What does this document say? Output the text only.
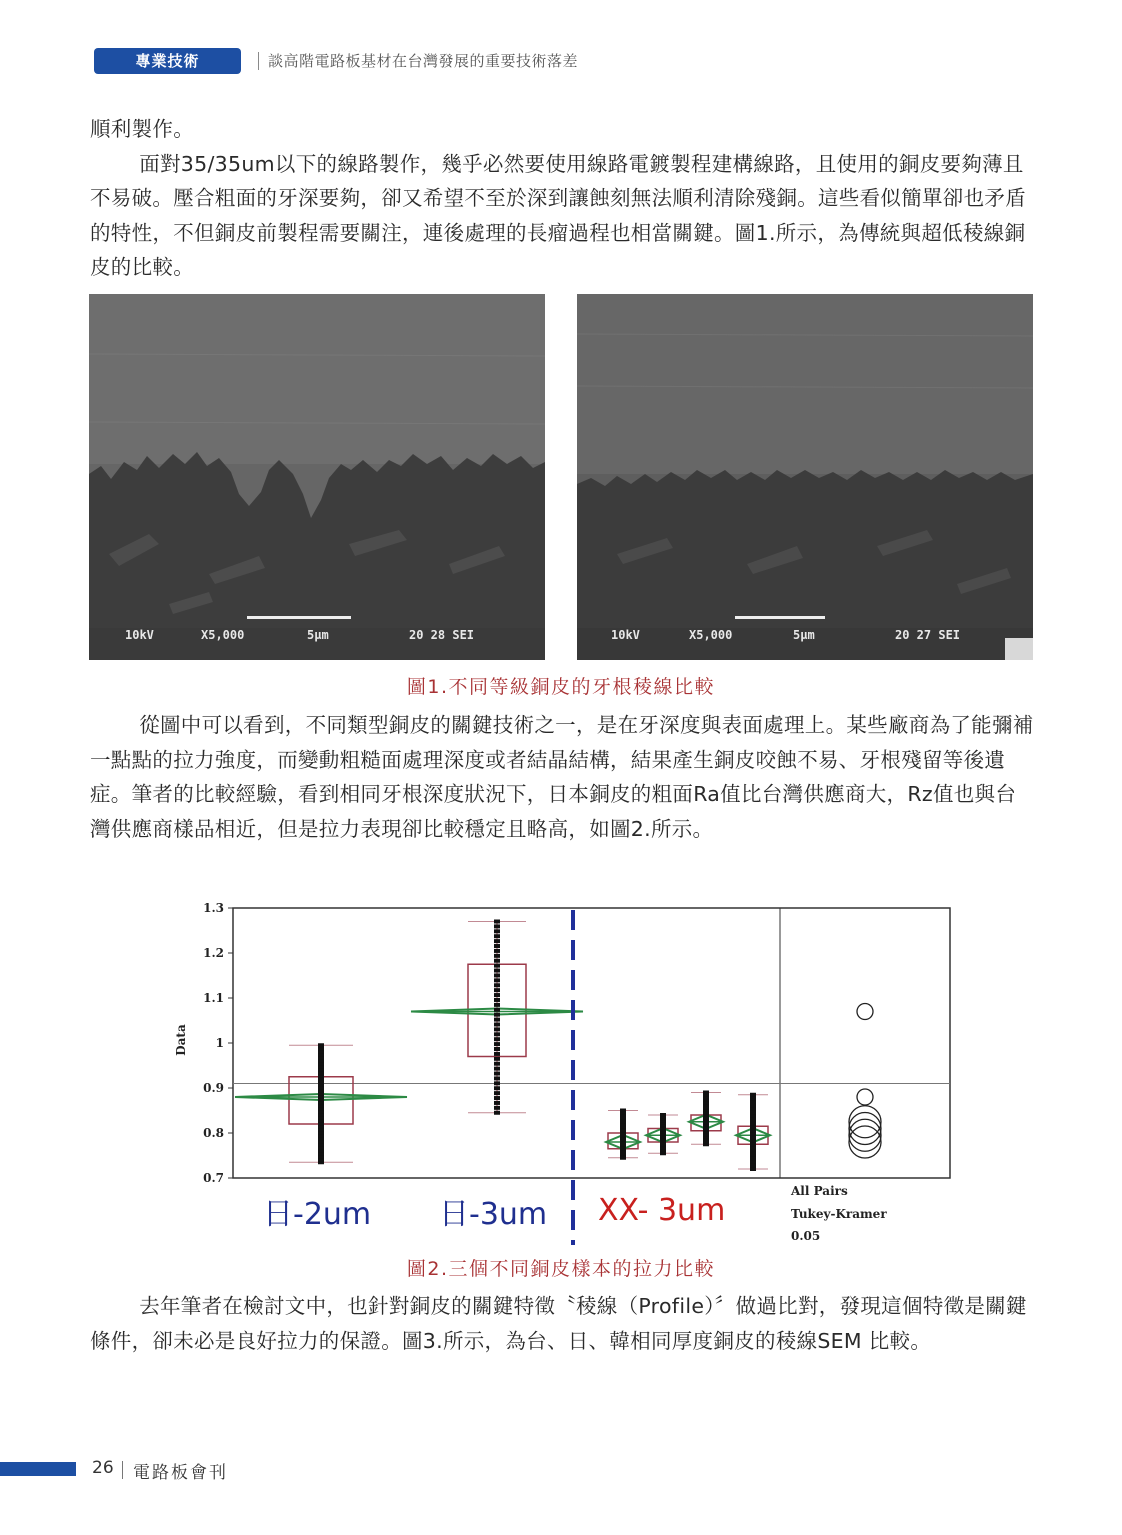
專業技術	談高階電路板基材在台灣發展的重要技術落差

順利製作。

面對35/35um以下的線路製作，幾乎必然要使用線路電鍍製程建構線路，且使用的銅皮要夠薄且不易破。壓合粗面的牙深要夠，卻又希望不至於深到讓蝕刻無法順利清除殘銅。這些看似簡單卻也矛盾的特性，不但銅皮前製程需要關注，連後處理的長瘤過程也相當關鍵。圖1.所示，為傳統與超低稜線銅皮的比較。

10kV	X5,000	5μm	20 28 SEI	10kV	X5,000	5μm	20 27 SEI
圖1.不同等級銅皮的牙根稜線比較

從圖中可以看到，不同類型銅皮的關鍵技術之一，是在牙深度與表面處理上。某些廠商為了能彌補一點點的拉力強度，而變動粗糙面處理深度或者結晶結構，結果產生銅皮咬蝕不易、牙根殘留等後遺症。筆者的比較經驗，看到相同牙根深度狀況下，日本銅皮的粗面Ra值比台灣供應商大，Rz值也與台灣供應商樣品相近，但是拉力表現卻比較穩定且略高，如圖2.所示。

0.7
0.8
0.9
1
1.1
1.2
1.3
Data
日-2um 日-3um XX- 3um
All Pairs
Tukey-Kramer
0.05
圖2.三個不同銅皮樣本的拉力比較

去年筆者在檢討文中，也針對銅皮的關鍵特徵〝稜線（Profile）〞做過比對，發現這個特徵是關鍵條件，卻未必是良好拉力的保證。圖3.所示，為台、日、韓相同厚度銅皮的稜線SEM 比較。

26 電路板會刊
